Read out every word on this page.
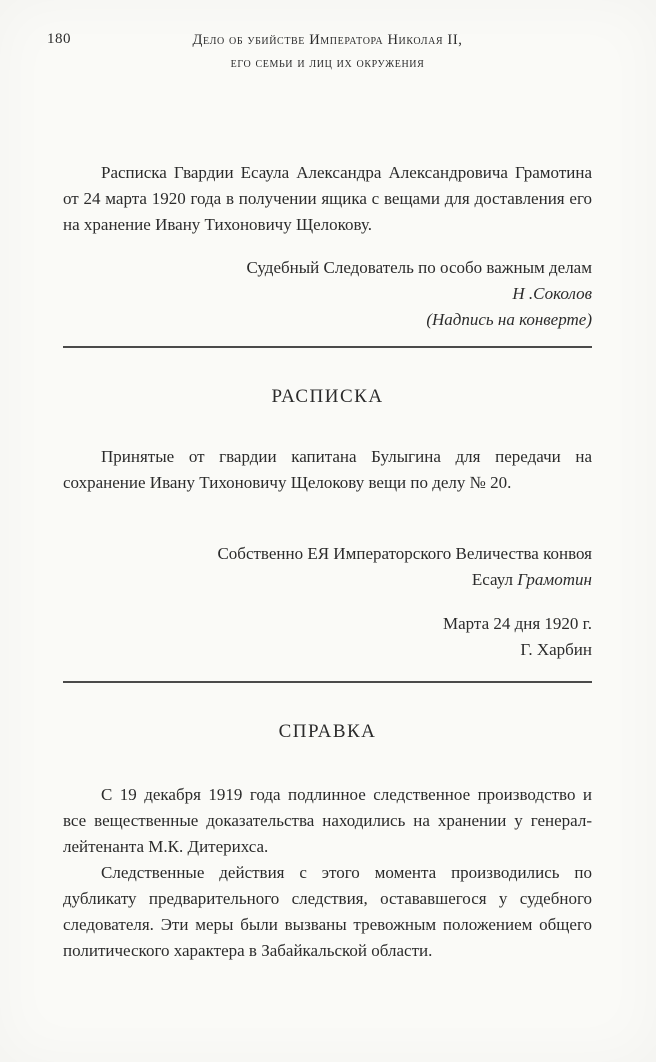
180	Дело об убийстве Императора Николая II,
его семьи и лиц их окружения

Расписка Гвардии Есаула Александра Александровича Грамотина от 24 марта 1920 года в получении ящика с вещами для доставления его на хранение Ивану Тихоновичу Щелокову.

Судебный Следователь по особо важным делам
Н .Соколов
(Надпись на конверте)
РАСПИСКА

Принятые от гвардии капитана Булыгина для передачи на сохранение Ивану Тихоновичу Щелокову вещи по делу № 20.

Собственно ЕЯ Императорского Величества конвоя
Есаул Грамотин
Марта 24 дня 1920 г.
Г. Харбин
СПРАВКА

С 19 декабря 1919 года подлинное следственное производство и все вещественные доказательства находились на хранении у генерал-лейтенанта М.К. Дитерихса.

Следственные действия с этого момента производились по дубликату предварительного следствия, остававшегося у судебного следователя. Эти меры были вызваны тревожным положением общего политического характера в Забайкальской области.
